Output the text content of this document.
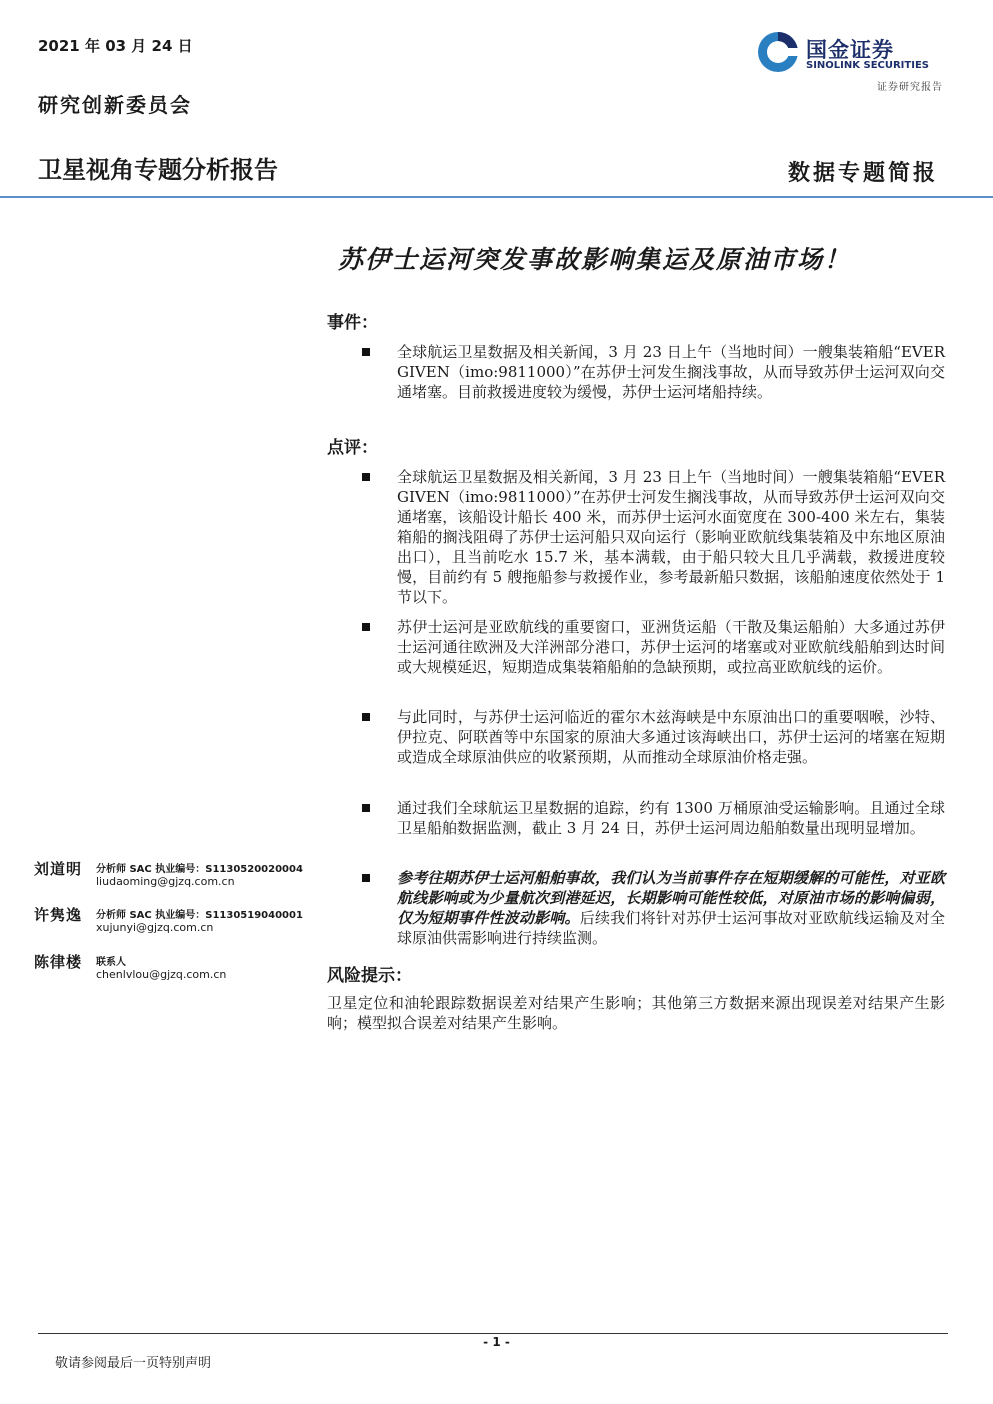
2021 年 03 月 24 日
研究创新委员会
卫星视角专题分析报告	数据专题简报
国金证券
SINOLINK SECURITIES
证券研究报告
苏伊士运河突发事故影响集运及原油市场！
事件：
全球航运卫星数据及相关新闻，3 月 23 日上午（当地时间）一艘集装箱船“EVER GIVEN（imo:9811000）”在苏伊士河发生搁浅事故，从而导致苏伊士运河双向交通堵塞。目前救援进度较为缓慢，苏伊士运河堵船持续。
点评：
全球航运卫星数据及相关新闻，3 月 23 日上午（当地时间）一艘集装箱船“EVER GIVEN（imo:9811000）”在苏伊士河发生搁浅事故，从而导致苏伊士运河双向交通堵塞，该船设计船长 400 米，而苏伊士运河水面宽度在 300-400 米左右，集装箱船的搁浅阻碍了苏伊士运河船只双向运行（影响亚欧航线集装箱及中东地区原油出口），且当前吃水 15.7 米，基本满载，由于船只较大且几乎满载，救援进度较慢，目前约有 5 艘拖船参与救援作业，参考最新船只数据，该船舶速度依然处于 1 节以下。
苏伊士运河是亚欧航线的重要窗口，亚洲货运船（干散及集运船舶）大多通过苏伊士运河通往欧洲及大洋洲部分港口，苏伊士运河的堵塞或对亚欧航线船舶到达时间或大规模延迟，短期造成集装箱船舶的急缺预期，或拉高亚欧航线的运价。
与此同时，与苏伊士运河临近的霍尔木兹海峡是中东原油出口的重要咽喉，沙特、伊拉克、阿联酋等中东国家的原油大多通过该海峡出口，苏伊士运河的堵塞在短期或造成全球原油供应的收紧预期，从而推动全球原油价格走强。
通过我们全球航运卫星数据的追踪，约有 1300 万桶原油受运输影响。且通过全球卫星船舶数据监测，截止 3 月 24 日，苏伊士运河周边船舶数量出现明显增加。
参考往期苏伊士运河船舶事故，我们认为当前事件存在短期缓解的可能性，对亚欧航线影响或为少量航次到港延迟，长期影响可能性较低，对原油市场的影响偏弱，仅为短期事件性波动影响。后续我们将针对苏伊士运河事故对亚欧航线运输及对全球原油供需影响进行持续监测。
风险提示：
卫星定位和油轮跟踪数据误差对结果产生影响；其他第三方数据来源出现误差对结果产生影响；模型拟合误差对结果产生影响。
刘道明 分析师 SAC 执业编号：S1130520020004
liudaoming@gjzq.com.cn
许隽逸 分析师 SAC 执业编号：S1130519040001
xujunyi@gjzq.com.cn
陈律楼 联系人
chenlvlou@gjzq.com.cn
- 1 -
敬请参阅最后一页特别声明
